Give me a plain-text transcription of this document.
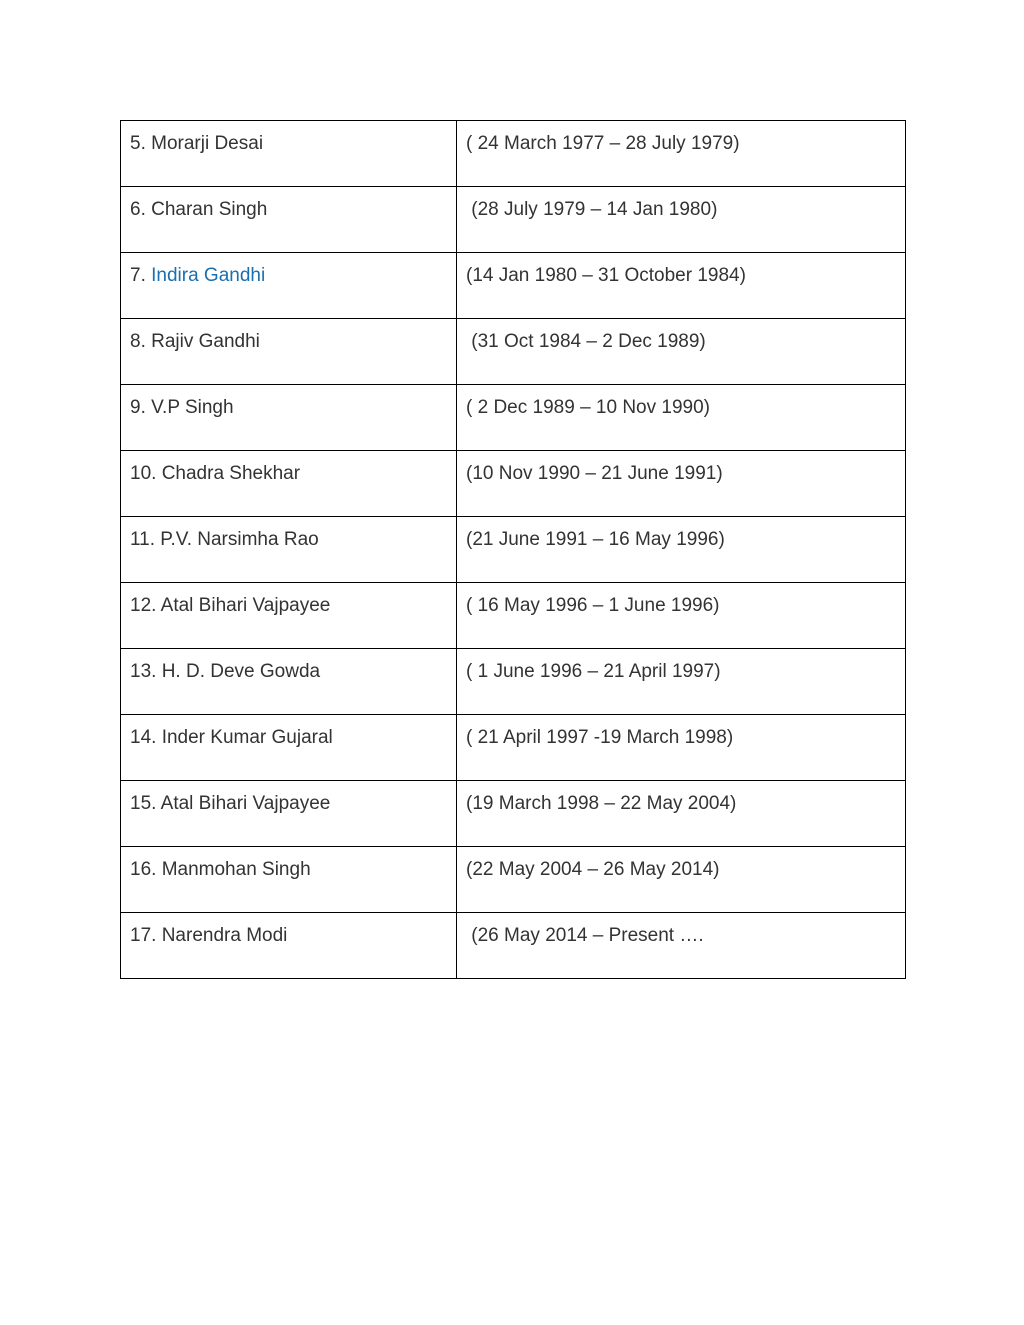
5. Morarji Desai	( 24 March 1977 – 28 July 1979)

6. Charan Singh	(28 July 1979 – 14 Jan 1980)

7. Indira Gandhi	(14 Jan 1980 – 31 October 1984)

8. Rajiv Gandhi	(31 Oct 1984 – 2 Dec 1989)

9. V.P Singh	( 2 Dec 1989 – 10 Nov 1990)

10. Chadra Shekhar	(10 Nov 1990 – 21 June 1991)

11. P.V. Narsimha Rao	(21 June 1991 – 16 May 1996)

12. Atal Bihari Vajpayee	( 16 May 1996 – 1 June 1996)

13. H. D. Deve Gowda	( 1 June 1996 – 21 April 1997)

14. Inder Kumar Gujaral	( 21 April 1997 -19 March 1998)

15. Atal Bihari Vajpayee	(19 March 1998 – 22 May 2004)

16. Manmohan Singh	(22 May 2004 – 26 May 2014)

17. Narendra Modi	(26 May 2014 – Present ….
